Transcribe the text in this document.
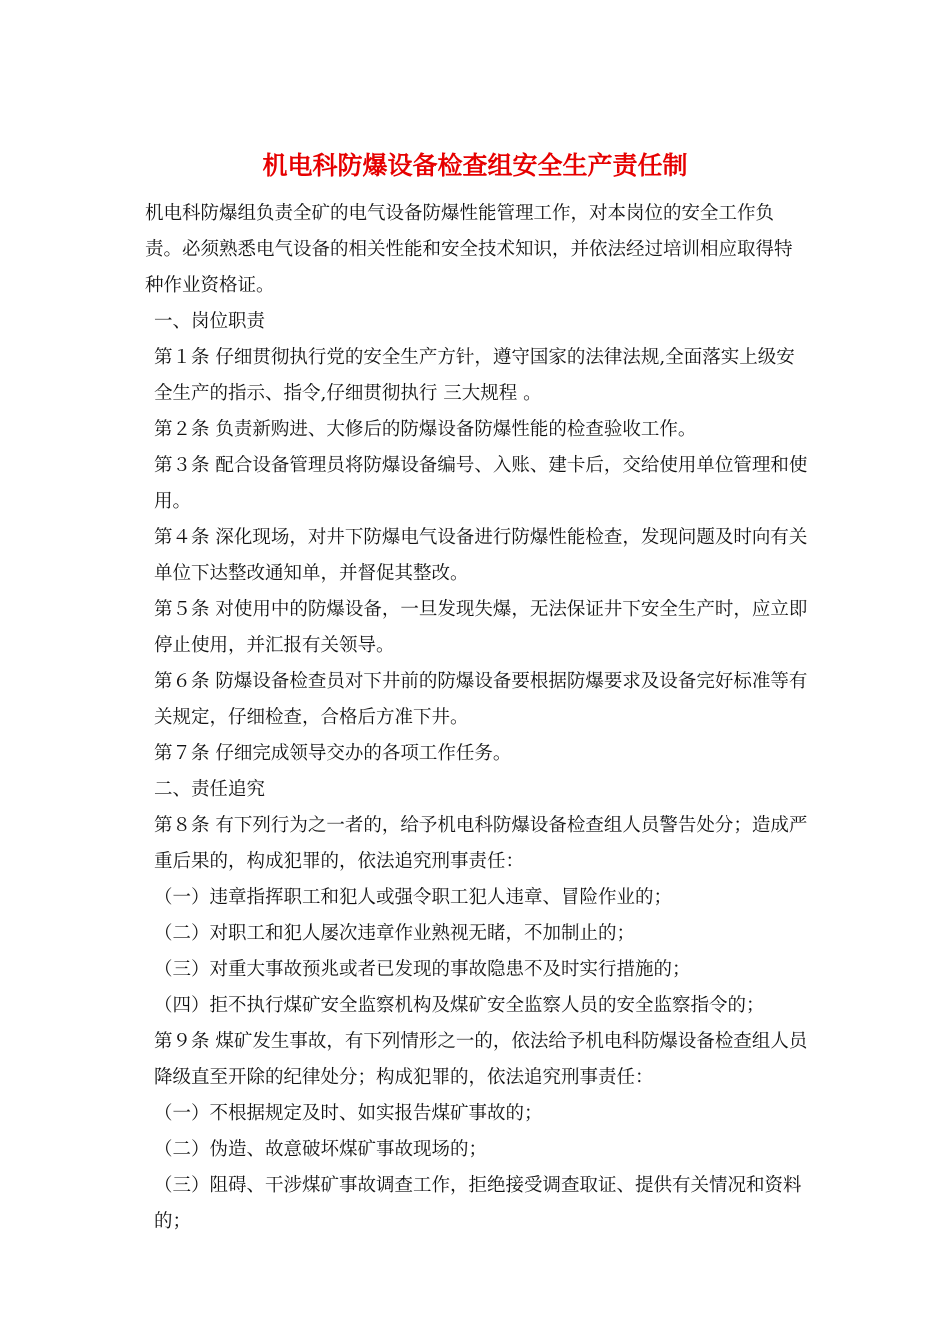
机电科防爆设备检查组安全生产责任制

机电科防爆组负责全矿的电气设备防爆性能管理工作，对本岗位的安全工作负责。必须熟悉电气设备的相关性能和安全技术知识，并依法经过培训相应取得特种作业资格证。

一、岗位职责

第１条 仔细贯彻执行党的安全生产方针，遵守国家的法律法规,全面落实上级安全生产的指示、指令,仔细贯彻执行 三大规程 。

第２条 负责新购进、大修后的防爆设备防爆性能的检查验收工作。

第３条 配合设备管理员将防爆设备编号、入账、建卡后，交给使用单位管理和使用。

第４条 深化现场，对井下防爆电气设备进行防爆性能检查，发现问题及时向有关单位下达整改通知单，并督促其整改。

第５条 对使用中的防爆设备，一旦发现失爆，无法保证井下安全生产时，应立即停止使用，并汇报有关领导。

第６条 防爆设备检查员对下井前的防爆设备要根据防爆要求及设备完好标准等有关规定，仔细检查，合格后方准下井。

第７条 仔细完成领导交办的各项工作任务。

二、责任追究

第８条 有下列行为之一者的，给予机电科防爆设备检查组人员警告处分；造成严重后果的，构成犯罪的，依法追究刑事责任：

（一）违章指挥职工和犯人或强令职工犯人违章、冒险作业的；

（二）对职工和犯人屡次违章作业熟视无睹，不加制止的；

（三）对重大事故预兆或者已发现的事故隐患不及时实行措施的；

（四）拒不执行煤矿安全监察机构及煤矿安全监察人员的安全监察指令的；

第９条 煤矿发生事故，有下列情形之一的，依法给予机电科防爆设备检查组人员降级直至开除的纪律处分；构成犯罪的，依法追究刑事责任：

（一）不根据规定及时、如实报告煤矿事故的；

（二）伪造、故意破坏煤矿事故现场的；

（三）阻碍、干涉煤矿事故调查工作，拒绝接受调查取证、提供有关情况和资料的；
